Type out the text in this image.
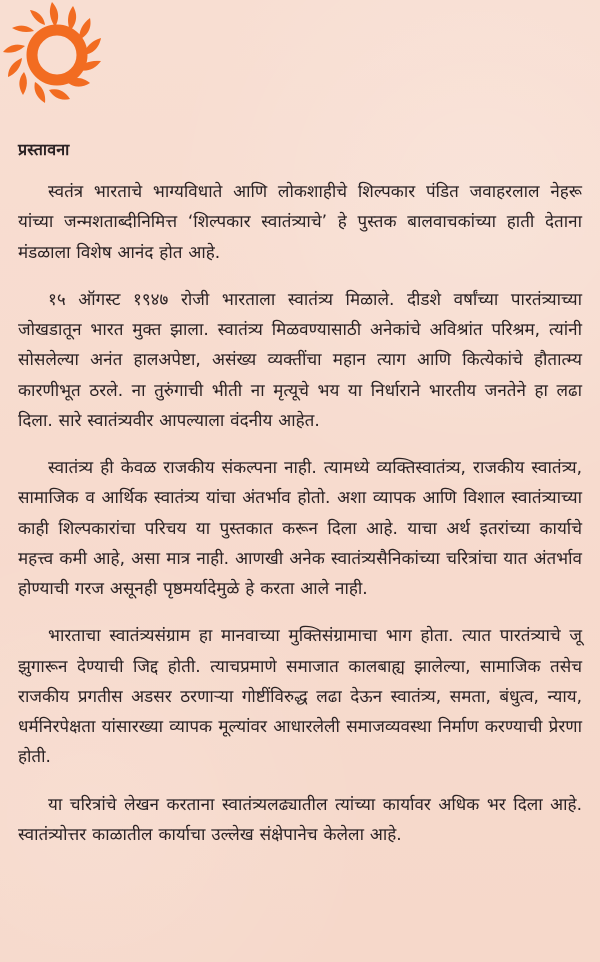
प्रस्तावना

स्वतंत्र भारताचे भाग्यविधाते आणि लोकशाहीचे शिल्पकार पंडित जवाहरलाल नेहरू यांच्या जन्मशताब्दीनिमित्त ‘शिल्पकार स्वातंत्र्याचे’ हे पुस्तक बालवाचकांच्या हाती देताना मंडळाला विशेष आनंद होत आहे.

१५ ऑगस्ट १९४७ रोजी भारताला स्वातंत्र्य मिळाले. दीडशे वर्षांच्या पारतंत्र्याच्या जोखडातून भारत मुक्त झाला. स्वातंत्र्य मिळवण्यासाठी अनेकांचे अविश्रांत परिश्रम, त्यांनी सोसलेल्या अनंत हालअपेष्टा, असंख्य व्यक्तींचा महान त्याग आणि कित्येकांचे हौतात्म्य कारणीभूत ठरले. ना तुरुंगाची भीती ना मृत्यूचे भय या निर्धाराने भारतीय जनतेने हा लढा दिला. सारे स्वातंत्र्यवीर आपल्याला वंदनीय आहेत.

स्वातंत्र्य ही केवळ राजकीय संकल्पना नाही. त्यामध्ये व्यक्तिस्वातंत्र्य, राजकीय स्वातंत्र्य, सामाजिक व आर्थिक स्वातंत्र्य यांचा अंतर्भाव होतो. अशा व्यापक आणि विशाल स्वातंत्र्याच्या काही शिल्पकारांचा परिचय या पुस्तकात करून दिला आहे. याचा अर्थ इतरांच्या कार्याचे महत्त्व कमी आहे, असा मात्र नाही. आणखी अनेक स्वातंत्र्यसैनिकांच्या चरित्रांचा यात अंतर्भाव होण्याची गरज असूनही पृष्ठमर्यादेमुळे हे करता आले नाही.

भारताचा स्वातंत्र्यसंग्राम हा मानवाच्या मुक्तिसंग्रामाचा भाग होता. त्यात पारतंत्र्याचे जू झुगारून देण्याची जिद्द होती. त्याचप्रमाणे समाजात कालबाह्य झालेल्या, सामाजिक तसेच राजकीय प्रगतीस अडसर ठरणाऱ्या गोष्टींविरुद्ध लढा देऊन स्वातंत्र्य, समता, बंधुत्व, न्याय, धर्मनिरपेक्षता यांसारख्या व्यापक मूल्यांवर आधारलेली समाजव्यवस्था निर्माण करण्याची प्रेरणा होती.

या चरित्रांचे लेखन करताना स्वातंत्र्यलढ्यातील त्यांच्या कार्यावर अधिक भर दिला आहे. स्वातंत्र्योत्तर काळातील कार्याचा उल्लेख संक्षेपानेच केलेला आहे.
